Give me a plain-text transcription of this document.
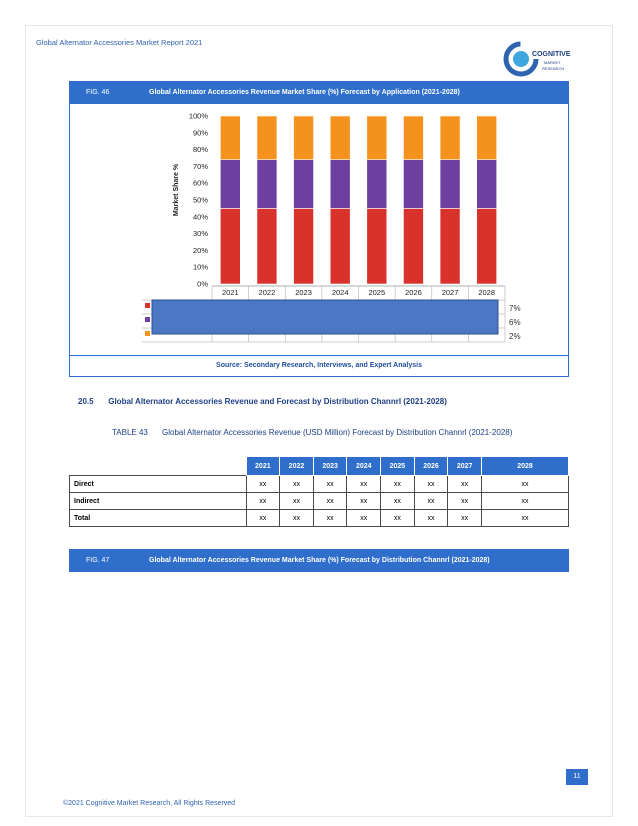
Global Alternator Accessories Market Report 2021
COGNITIVE
MARKET
RESEARCH
FIG. 46	Global Alternator Accessories Revenue Market Share (%) Forecast by Application (2021-2028)
0%
10%
20%
30%
40%
50%
60%
70%
80%
90%
100%
Market Share %
2021	2022	2023	2024	2025	2026	2027	2028
7%
6%
2%
Source: Secondary Research, Interviews, and Expert Analysis
20.5 Global Alternator Accessories Revenue and Forecast by Distribution Channrl (2021-2028)
TABLE 43 Global Alternator Accessories Revenue (USD Million) Forecast by Distribution Channrl (2021-2028)
	2021	2022	2023	2024	2025	2026	2027	2028
Direct	xx	xx	xx	xx	xx	xx	xx	xx
Indirect	xx	xx	xx	xx	xx	xx	xx	xx
Total	xx	xx	xx	xx	xx	xx	xx	xx
FIG. 47	Global Alternator Accessories Revenue Market Share (%) Forecast by Distribution Channrl (2021-2028)
11
©2021 Cognitive Market Research, All Rights Reserved
